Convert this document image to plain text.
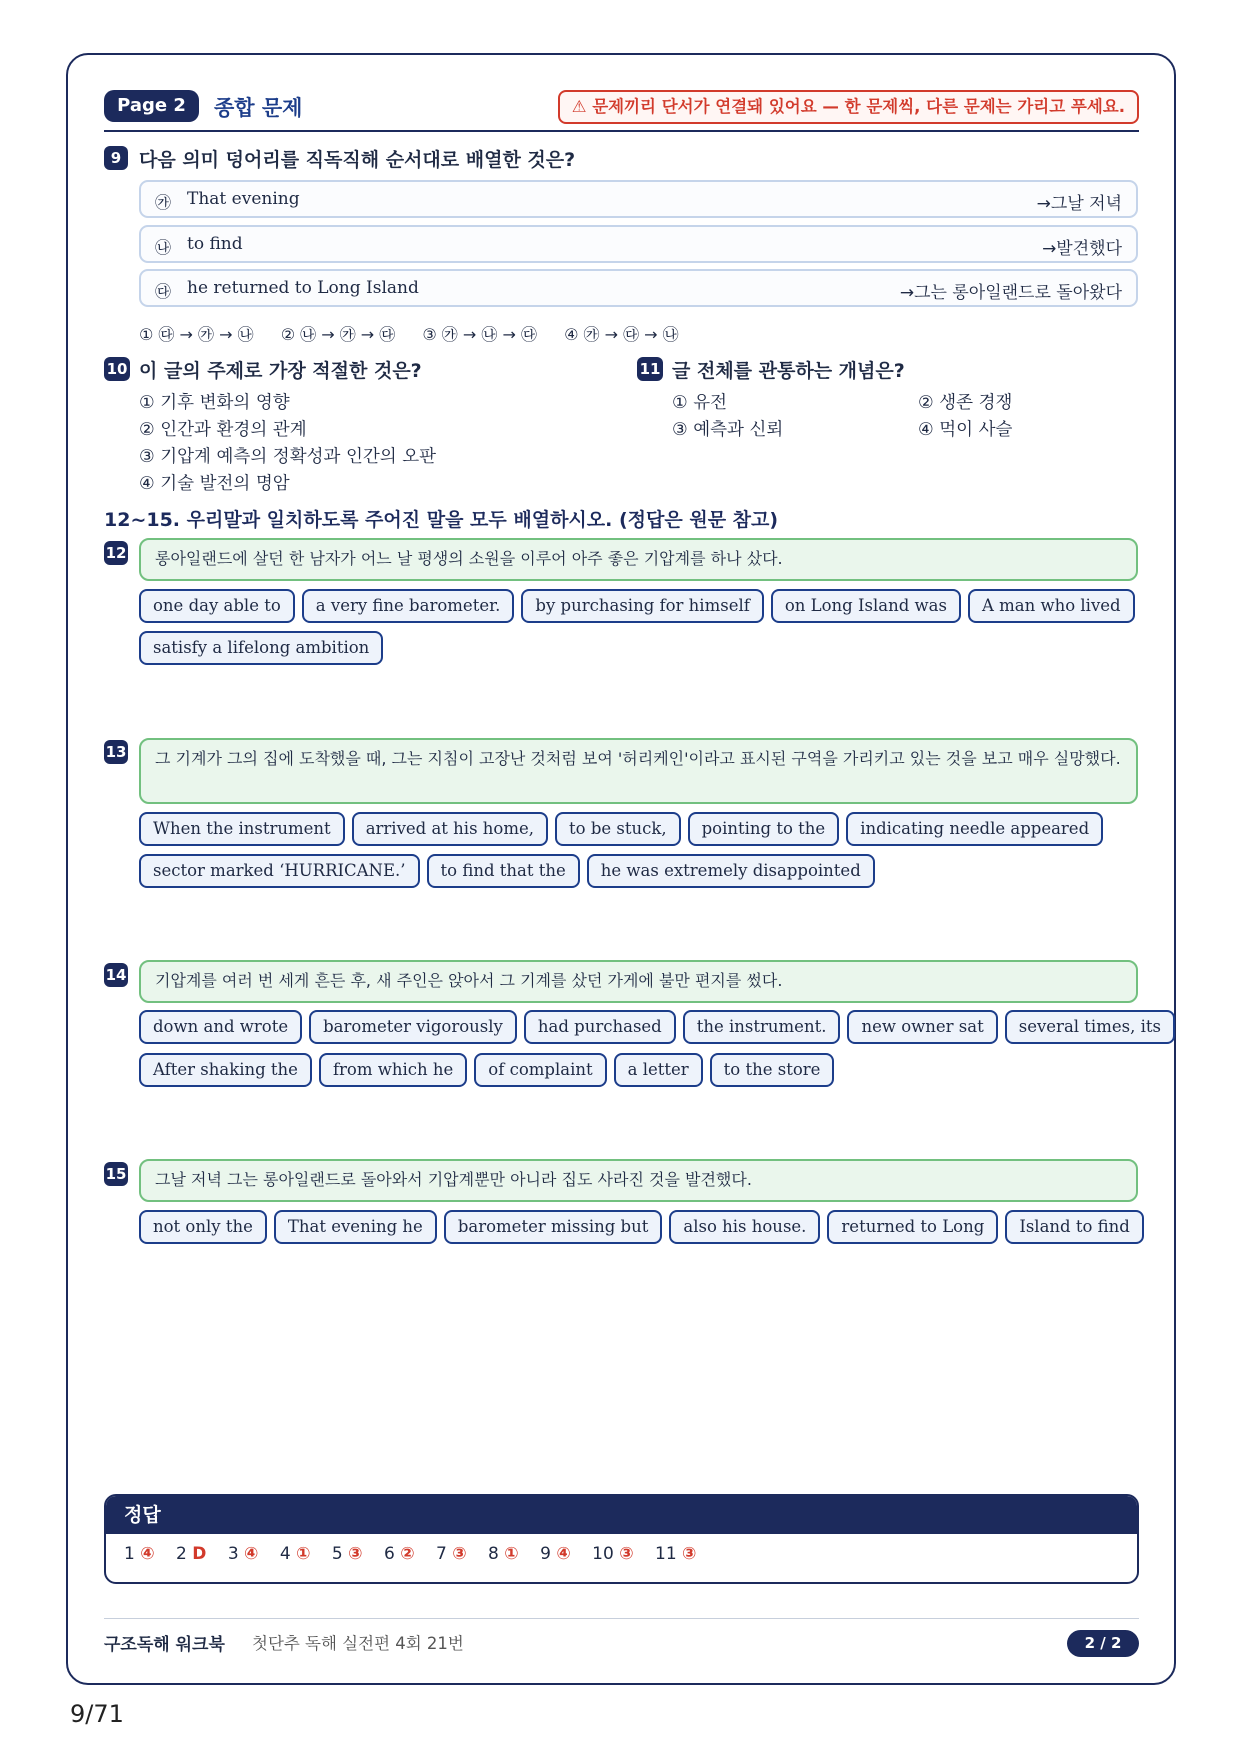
Page 2	종합 문제	⚠ 문제끼리 단서가 연결돼 있어요 — 한 문제씩, 다른 문제는 가리고 푸세요.
9 다음 의미 덩어리를 직독직해 순서대로 배열한 것은?
㉮ That evening	→그날 저녁
㉯ to find	→발견했다
㉰ he returned to Long Island	→그는 롱아일랜드로 돌아왔다
① ㉰ → ㉮ → ㉯ ② ㉯ → ㉮ → ㉰ ③ ㉮ → ㉯ → ㉰ ④ ㉮ → ㉰ → ㉯
10 이 글의 주제로 가장 적절한 것은?
① 기후 변화의 영향
② 인간과 환경의 관계
③ 기압계 예측의 정확성과 인간의 오판
④ 기술 발전의 명암
11 글 전체를 관통하는 개념은?
① 유전	② 생존 경쟁
③ 예측과 신뢰	④ 먹이 사슬
12~15. 우리말과 일치하도록 주어진 말을 모두 배열하시오. (정답은 원문 참고)
12	롱아일랜드에 살던 한 남자가 어느 날 평생의 소원을 이루어 아주 좋은 기압계를 하나 샀다.
one day able to	a very fine barometer.	by purchasing for himself	on Long Island was	A man who lived
satisfy a lifelong ambition
13	그 기계가 그의 집에 도착했을 때, 그는 지침이 고장난 것처럼 보여 '허리케인'이라고 표시된 구역을 가리키고 있는 것을 보고 매우 실망했다.
When the instrument	arrived at his home,	to be stuck,	pointing to the	indicating needle appeared
sector marked ‘HURRICANE.’	to find that the	he was extremely disappointed
14	기압계를 여러 번 세게 흔든 후, 새 주인은 앉아서 그 기계를 샀던 가게에 불만 편지를 썼다.
down and wrote	barometer vigorously	had purchased	the instrument.	new owner sat	several times, its
After shaking the	from which he	of complaint	a letter	to the store
15	그날 저녁 그는 롱아일랜드로 돌아와서 기압계뿐만 아니라 집도 사라진 것을 발견했다.
not only the	That evening he	barometer missing but	also his house.	returned to Long	Island to find
정답
1 ④ 2 D 3 ④ 4 ① 5 ③ 6 ② 7 ③ 8 ① 9 ④ 10 ③ 11 ③
구조독해 워크북 첫단추 독해 실전편 4회 21번	2 / 2
9/71
